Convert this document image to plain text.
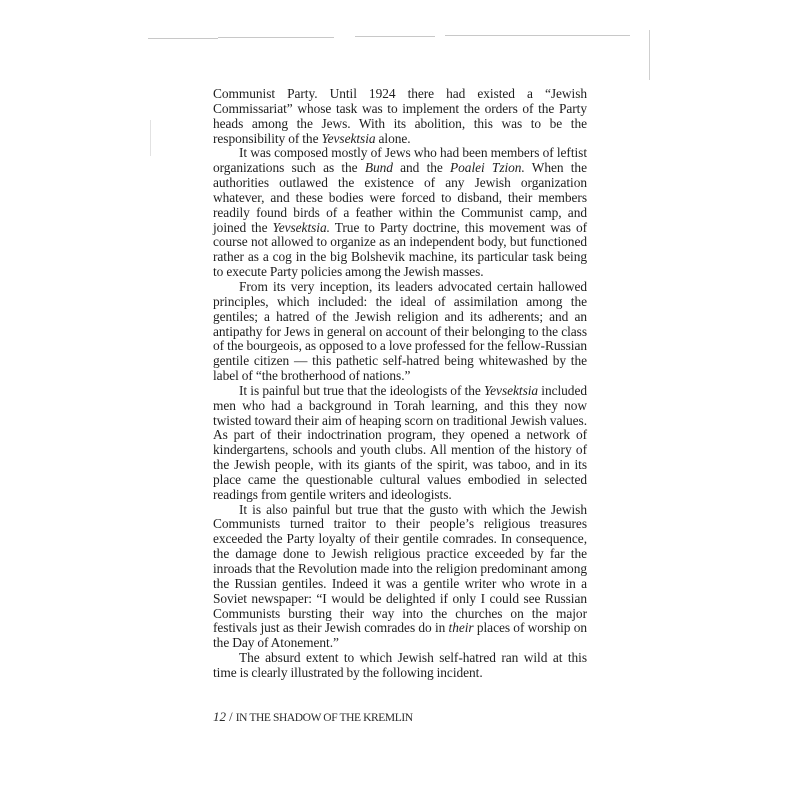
Communist Party. Until 1924 there had existed a “Jewish Commissariat” whose task was to implement the orders of the Party heads among the Jews. With its abolition, this was to be the responsibility of the Yevsektsia alone.

It was composed mostly of Jews who had been members of leftist organizations such as the Bund and the Poalei Tzion. When the authorities outlawed the existence of any Jewish organization whatever, and these bodies were forced to disband, their members readily found birds of a feather within the Communist camp, and joined the Yevsektsia. True to Party doctrine, this movement was of course not allowed to organize as an independent body, but functioned rather as a cog in the big Bolshevik machine, its particular task being to execute Party policies among the Jewish masses.

From its very inception, its leaders advocated certain hallowed principles, which included: the ideal of assimilation among the gentiles; a hatred of the Jewish religion and its adherents; and an antipathy for Jews in general on account of their belonging to the class of the bourgeois, as opposed to a love professed for the fellow-Russian gentile citizen — this pathetic self-hatred being whitewashed by the label of “the brotherhood of nations.”

It is painful but true that the ideologists of the Yevsektsia included men who had a background in Torah learning, and this they now twisted toward their aim of heaping scorn on traditional Jewish values. As part of their indoctrination program, they opened a network of kindergartens, schools and youth clubs. All mention of the history of the Jewish people, with its giants of the spirit, was taboo, and in its place came the questionable cultural values embodied in selected readings from gentile writers and ideologists.

It is also painful but true that the gusto with which the Jewish Communists turned traitor to their people’s religious treasures exceeded the Party loyalty of their gentile comrades. In consequence, the damage done to Jewish religious practice exceeded by far the inroads that the Revolution made into the religion predominant among the Russian gentiles. Indeed it was a gentile writer who wrote in a Soviet newspaper: “I would be delighted if only I could see Russian Communists bursting their way into the churches on the major festivals just as their Jewish comrades do in their places of worship on the Day of Atonement.”

The absurd extent to which Jewish self-hatred ran wild at this time is clearly illustrated by the following incident.

12 / IN THE SHADOW OF THE KREMLIN
